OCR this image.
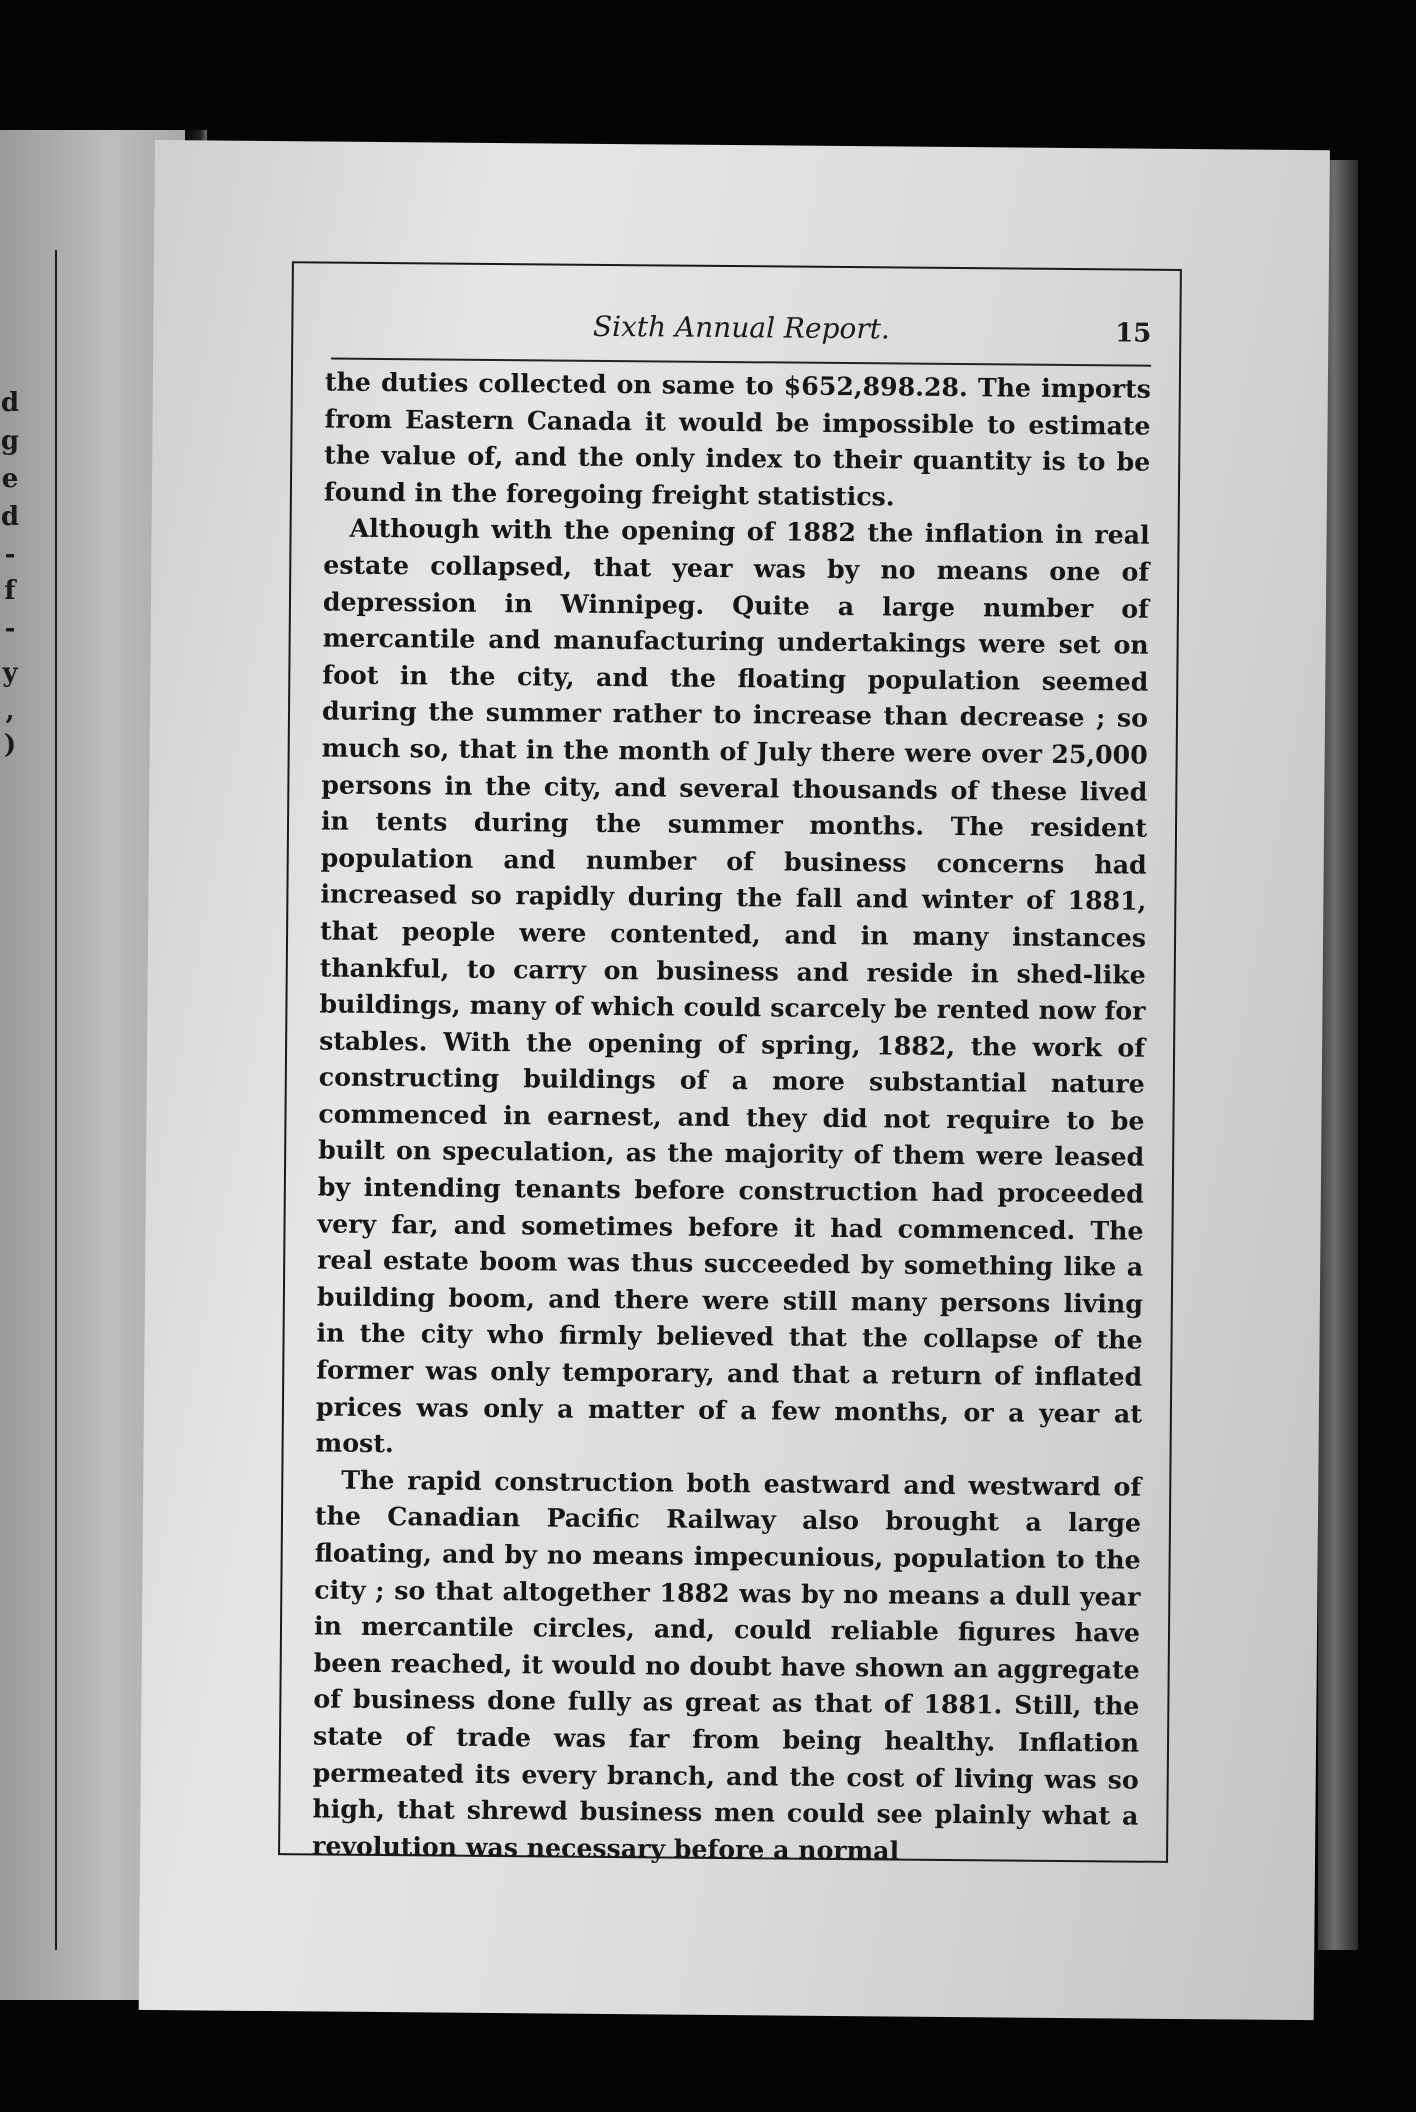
d
g
e
d
-
f
-
y
,
)
Sixth Annual Report.	15

the duties collected on same to $652,898.28. The imports from Eastern Canada it would be impossible to estimate the value of, and the only index to their quantity is to be found in the foregoing freight statistics.

Although with the opening of 1882 the inflation in real estate collapsed, that year was by no means one of depression in Winnipeg. Quite a large number of mercantile and manufacturing undertakings were set on foot in the city, and the floating population seemed during the summer rather to increase than decrease ; so much so, that in the month of July there were over 25,000 persons in the city, and several thousands of these lived in tents during the summer months. The resident population and number of business concerns had increased so rapidly during the fall and winter of 1881, that people were contented, and in many instances thankful, to carry on business and reside in shed-like buildings, many of which could scarcely be rented now for stables. With the opening of spring, 1882, the work of constructing buildings of a more substantial nature commenced in earnest, and they did not require to be built on speculation, as the majority of them were leased by intending tenants before construction had proceeded very far, and sometimes before it had commenced. The real estate boom was thus succeeded by something like a building boom, and there were still many persons living in the city who firmly believed that the collapse of the former was only temporary, and that a return of inflated prices was only a matter of a few months, or a year at most.

The rapid construction both eastward and westward of the Canadian Pacific Railway also brought a large floating, and by no means impecunious, population to the city ; so that altogether 1882 was by no means a dull year in mercantile circles, and, could reliable figures have been reached, it would no doubt have shown an aggregate of business done fully as great as that of 1881. Still, the state of trade was far from being healthy. Inflation permeated its every branch, and the cost of living was so high, that shrewd business men could see plainly what a revolution was necessary before a normal
